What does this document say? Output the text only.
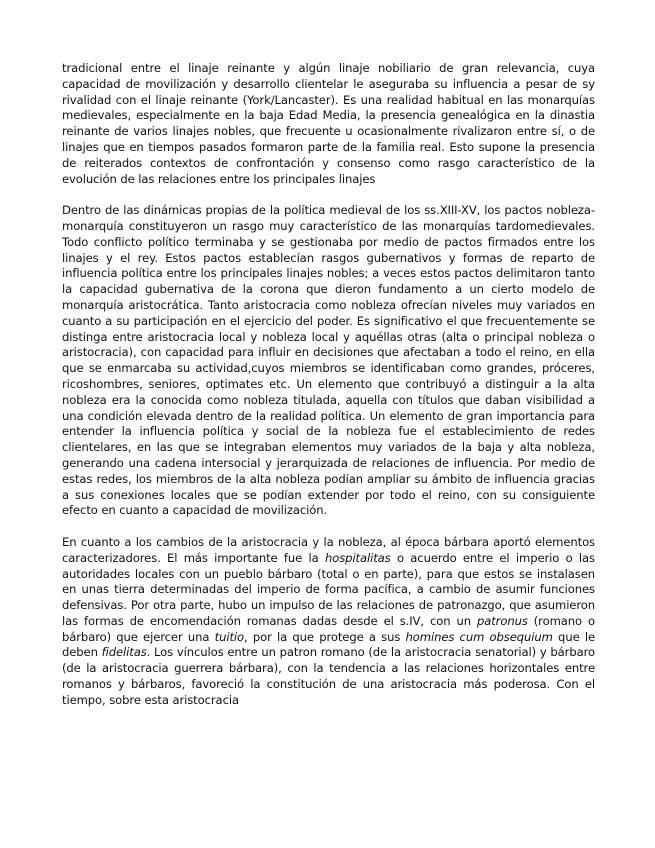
tradicional entre el linaje reinante y algún linaje nobiliario de gran relevancia, cuya capacidad de movilización y desarrollo clientelar le aseguraba su influencia a pesar de sy rivalidad con el linaje reinante (York/Lancaster). Es una realidad habitual en las monarquías medievales, especialmente en la baja Edad Media, la presencia genealógica en la dinastia reinante de varios linajes nobles, que frecuente u ocasionalmente rivalizaron entre sí, o de linajes que en tiempos pasados formaron parte de la familia real. Esto supone la presencia de reiterados contextos de confrontación y consenso como rasgo característico de la evolución de las relaciones entre los principales linajes

Dentro de las dinámicas propias de la política medieval de los ss.XIII-XV, los pactos nobleza-monarquía constituyeron un rasgo muy característico de las monarquías tardomedievales. Todo conflicto político terminaba y se gestionaba por medio de pactos firmados entre los linajes y el rey. Estos pactos establecían rasgos gubernativos y formas de reparto de influencia política entre los principales linajes nobles; a veces estos pactos delimitaron tanto la capacidad gubernativa de la corona que dieron fundamento a un cierto modelo de monarquía aristocrática. Tanto aristocracia como nobleza ofrecían niveles muy variados en cuanto a su participación en el ejercicio del poder. Es significativo el que frecuentemente se distinga entre aristocracia local y nobleza local y aquéllas otras (alta o principal nobleza o aristocracia), con capacidad para influir en decisiones que afectaban a todo el reino, en ella que se enmarcaba su actividad,cuyos miembros se identificaban como grandes, próceres, ricoshombres, seniores, optimates etc. Un elemento que contribuyó a distinguir a la alta nobleza era la conocida como nobleza titulada, aquella con títulos que daban visibilidad a una condición elevada dentro de la realidad política. Un elemento de gran importancia para entender la influencia política y social de la nobleza fue el establecimiento de redes clientelares, en las que se integraban elementos muy variados de la baja y alta nobleza, generando una cadena intersocial y jerarquizada de relaciones de influencia. Por medio de estas redes, los miembros de la alta nobleza podían ampliar su ámbito de influencia gracias a sus conexiones locales que se podían extender por todo el reino, con su consiguiente efecto en cuanto a capacidad de movilización.

En cuanto a los cambios de la aristocracia y la nobleza, al época bárbara aportó elementos caracterizadores. El más importante fue la hospitalitas o acuerdo entre el imperio o las autoridades locales con un pueblo bárbaro (total o en parte), para que estos se instalasen en unas tierra determinadas del imperio de forma pacífica, a cambio de asumir funciones defensivas. Por otra parte, hubo un impulso de las relaciones de patronazgo, que asumieron las formas de encomendación romanas dadas desde el s.IV, con un patronus (romano o bárbaro) que ejercer una tuitio, por la que protege a sus homines cum obsequium que le deben fidelitas. Los vínculos entre un patron romano (de la aristocracia senatorial) y bárbaro (de la aristocracia guerrera bárbara), con la tendencia a las relaciones horizontales entre romanos y bárbaros, favoreció la constitución de una aristocracia más poderosa. Con el tiempo, sobre esta aristocracia
